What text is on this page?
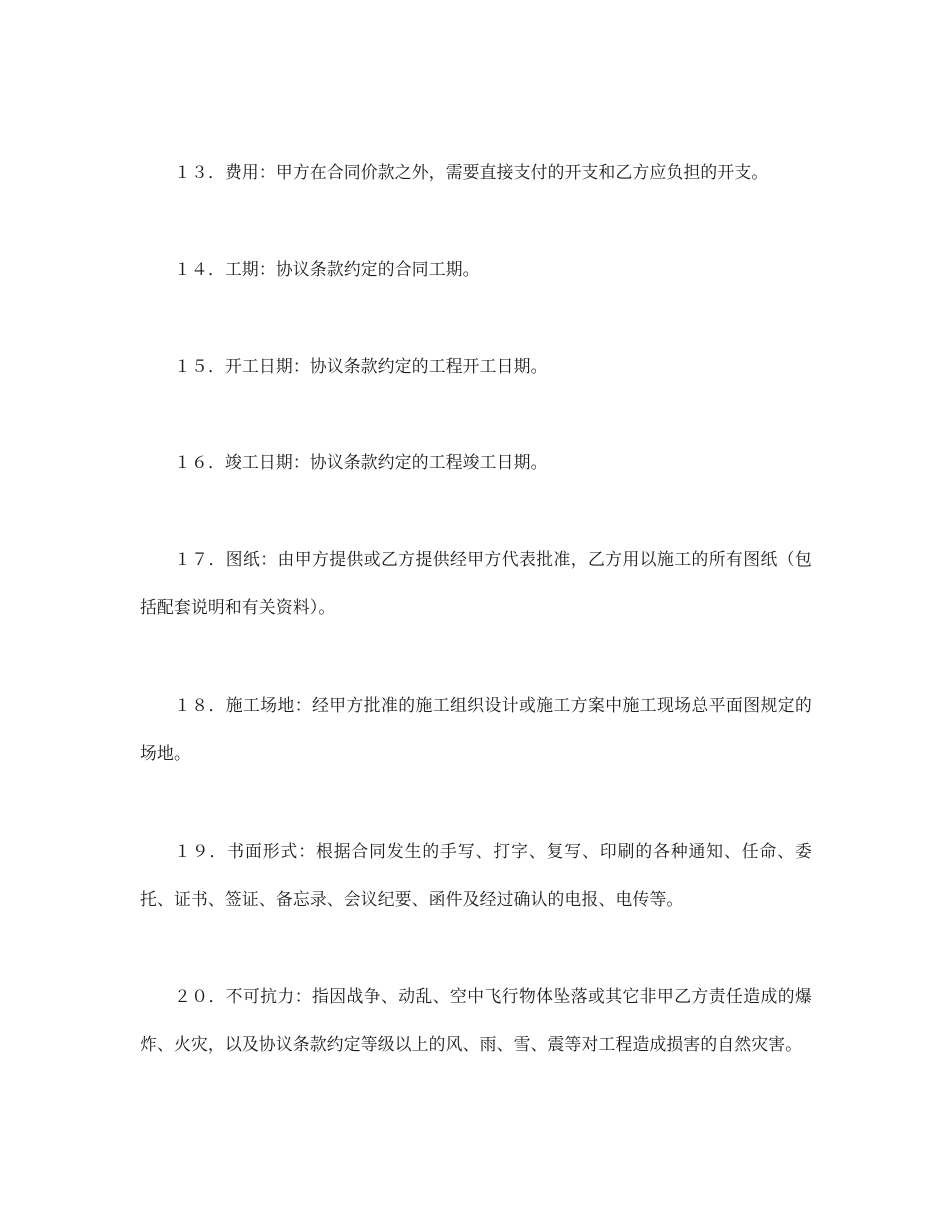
１３．费用：甲方在合同价款之外，需要直接支付的开支和乙方应负担的开支。

１４．工期：协议条款约定的合同工期。

１５．开工日期：协议条款约定的工程开工日期。

１６．竣工日期：协议条款约定的工程竣工日期。

１７．图纸：由甲方提供或乙方提供经甲方代表批准，乙方用以施工的所有图纸（包括配套说明和有关资料）。

１８．施工场地：经甲方批准的施工组织设计或施工方案中施工现场总平面图规定的场地。

１９．书面形式：根据合同发生的手写、打字、复写、印刷的各种通知、任命、委托、证书、签证、备忘录、会议纪要、函件及经过确认的电报、电传等。

２０．不可抗力：指因战争、动乱、空中飞行物体坠落或其它非甲乙方责任造成的爆炸、火灾，以及协议条款约定等级以上的风、雨、雪、震等对工程造成损害的自然灾害。
